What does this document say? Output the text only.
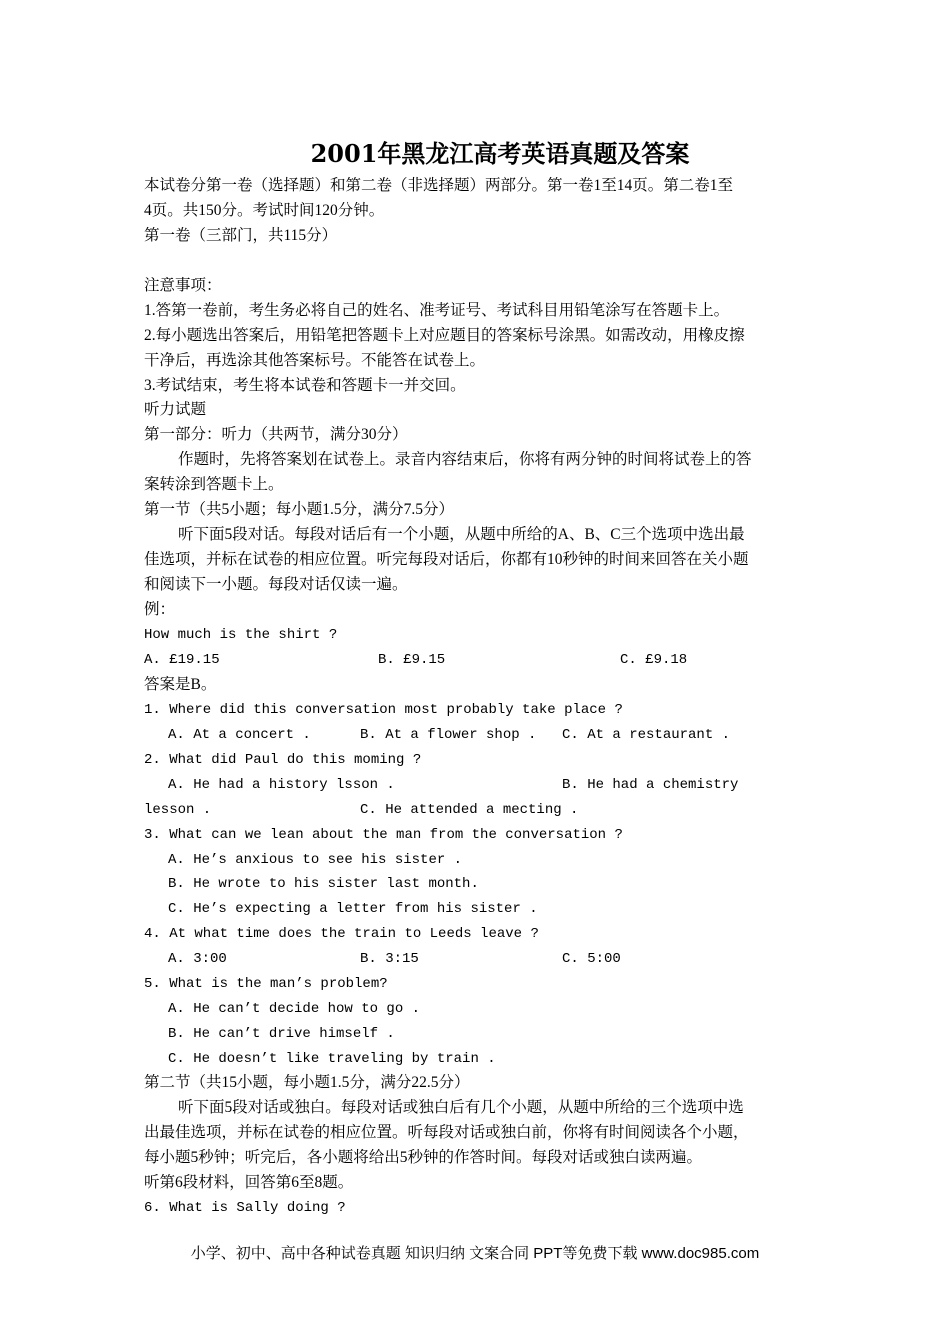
2001年黑龙江高考英语真题及答案
本试卷分第一卷（选择题）和第二卷（非选择题）两部分。第一卷1至14页。第二卷1至
4页。共150分。考试时间120分钟。
第一卷（三部门，共115分）
注意事项：
1.答第一卷前，考生务必将自己的姓名、准考证号、考试科目用铅笔涂写在答题卡上。
2.每小题选出答案后，用铅笔把答题卡上对应题目的答案标号涂黑。如需改动，用橡皮擦
干净后，再选涂其他答案标号。不能答在试卷上。
3.考试结束，考生将本试卷和答题卡一并交回。
听力试题
第一部分：听力（共两节，满分30分）
作题时，先将答案划在试卷上。录音内容结束后，你将有两分钟的时间将试卷上的答
案转涂到答题卡上。
第一节（共5小题；每小题1.5分，满分7.5分）
听下面5段对话。每段对话后有一个小题，从题中所给的A、B、C三个选项中选出最
佳选项，并标在试卷的相应位置。听完每段对话后，你都有10秒钟的时间来回答在关小题
和阅读下一小题。每段对话仅读一遍。
例：
How much is the shirt ?
A. £19.15	B. £9.15	C. £9.18
答案是B。
1. Where did this conversation most probably take place ?
A. At a concert .	B. At a flower shop . C. At a restaurant .
2. What did Paul do this moming ?
A. He had a history lsson .	B. He had a chemistry
lesson .	C. He attended a mecting .
3. What can we lean about the man from the conversation ?
A. He’s anxious to see his sister .
B. He wrote to his sister last month.
C. He’s expecting a letter from his sister .
4. At what time does the train to Leeds leave ?
A. 3:00	B. 3:15	C. 5:00
5. What is the man’s problem?
A. He can’t decide how to go .
B. He can’t drive himself .
C. He doesn’t like traveling by train .
第二节（共15小题，每小题1.5分，满分22.5分）
听下面5段对话或独白。每段对话或独白后有几个小题，从题中所给的三个选项中选
出最佳选项，并标在试卷的相应位置。听每段对话或独白前，你将有时间阅读各个小题，
每小题5秒钟；听完后，各小题将给出5秒钟的作答时间。每段对话或独白读两遍。
听第6段材料，回答第6至8题。
6. What is Sally doing ?
小学、初中、高中各种试卷真题 知识归纳 文案合同 PPT等免费下载 www.doc985.com
